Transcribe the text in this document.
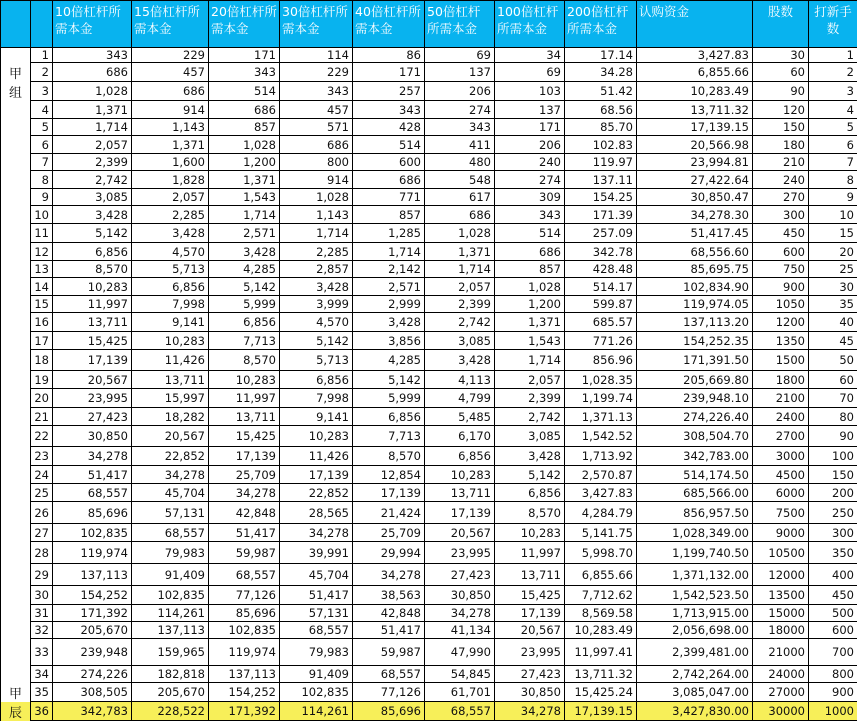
		10倍杠杆所需本金	15倍杠杆所需本金	20倍杠杆所需本金	30倍杠杆所需本金	40倍杠杆所需本金	50倍杠杆所需本金	100倍杠杆所需本金	200倍杠杆所需本金	认购资金	股数	打新手数
	1	343	229	171	114	86	69	34	17.14	3,427.83	30	1
甲	2	686	457	343	229	171	137	69	34.28	6,855.66	60	2
组	3	1,028	686	514	343	257	206	103	51.42	10,283.49	90	3
	4	1,371	914	686	457	343	274	137	68.56	13,711.32	120	4
	5	1,714	1,143	857	571	428	343	171	85.70	17,139.15	150	5
	6	2,057	1,371	1,028	686	514	411	206	102.83	20,566.98	180	6
	7	2,399	1,600	1,200	800	600	480	240	119.97	23,994.81	210	7
	8	2,742	1,828	1,371	914	686	548	274	137.11	27,422.64	240	8
	9	3,085	2,057	1,543	1,028	771	617	309	154.25	30,850.47	270	9
	10	3,428	2,285	1,714	1,143	857	686	343	171.39	34,278.30	300	10
	11	5,142	3,428	2,571	1,714	1,285	1,028	514	257.09	51,417.45	450	15
	12	6,856	4,570	3,428	2,285	1,714	1,371	686	342.78	68,556.60	600	20
	13	8,570	5,713	4,285	2,857	2,142	1,714	857	428.48	85,695.75	750	25
	14	10,283	6,856	5,142	3,428	2,571	2,057	1,028	514.17	102,834.90	900	30
	15	11,997	7,998	5,999	3,999	2,999	2,399	1,200	599.87	119,974.05	1050	35
	16	13,711	9,141	6,856	4,570	3,428	2,742	1,371	685.57	137,113.20	1200	40
	17	15,425	10,283	7,713	5,142	3,856	3,085	1,543	771.26	154,252.35	1350	45
	18	17,139	11,426	8,570	5,713	4,285	3,428	1,714	856.96	171,391.50	1500	50
	19	20,567	13,711	10,283	6,856	5,142	4,113	2,057	1,028.35	205,669.80	1800	60
	20	23,995	15,997	11,997	7,998	5,999	4,799	2,399	1,199.74	239,948.10	2100	70
	21	27,423	18,282	13,711	9,141	6,856	5,485	2,742	1,371.13	274,226.40	2400	80
	22	30,850	20,567	15,425	10,283	7,713	6,170	3,085	1,542.52	308,504.70	2700	90
	23	34,278	22,852	17,139	11,426	8,570	6,856	3,428	1,713.92	342,783.00	3000	100
	24	51,417	34,278	25,709	17,139	12,854	10,283	5,142	2,570.87	514,174.50	4500	150
	25	68,557	45,704	34,278	22,852	17,139	13,711	6,856	3,427.83	685,566.00	6000	200
	26	85,696	57,131	42,848	28,565	21,424	17,139	8,570	4,284.79	856,957.50	7500	250
	27	102,835	68,557	51,417	34,278	25,709	20,567	10,283	5,141.75	1,028,349.00	9000	300
	28	119,974	79,983	59,987	39,991	29,994	23,995	11,997	5,998.70	1,199,740.50	10500	350
	29	137,113	91,409	68,557	45,704	34,278	27,423	13,711	6,855.66	1,371,132.00	12000	400
	30	154,252	102,835	77,126	51,417	38,563	30,850	15,425	7,712.62	1,542,523.50	13500	450
	31	171,392	114,261	85,696	57,131	42,848	34,278	17,139	8,569.58	1,713,915.00	15000	500
	32	205,670	137,113	102,835	68,557	51,417	41,134	20,567	10,283.49	2,056,698.00	18000	600
	33	239,948	159,965	119,974	79,983	59,987	47,990	23,995	11,997.41	2,399,481.00	21000	700
	34	274,226	182,818	137,113	91,409	68,557	54,845	27,423	13,711.32	2,742,264.00	24000	800
甲	35	308,505	205,670	154,252	102,835	77,126	61,701	30,850	15,425.24	3,085,047.00	27000	900
辰	36	342,783	228,522	171,392	114,261	85,696	68,557	34,278	17,139.15	3,427,830.00	30000	1000
